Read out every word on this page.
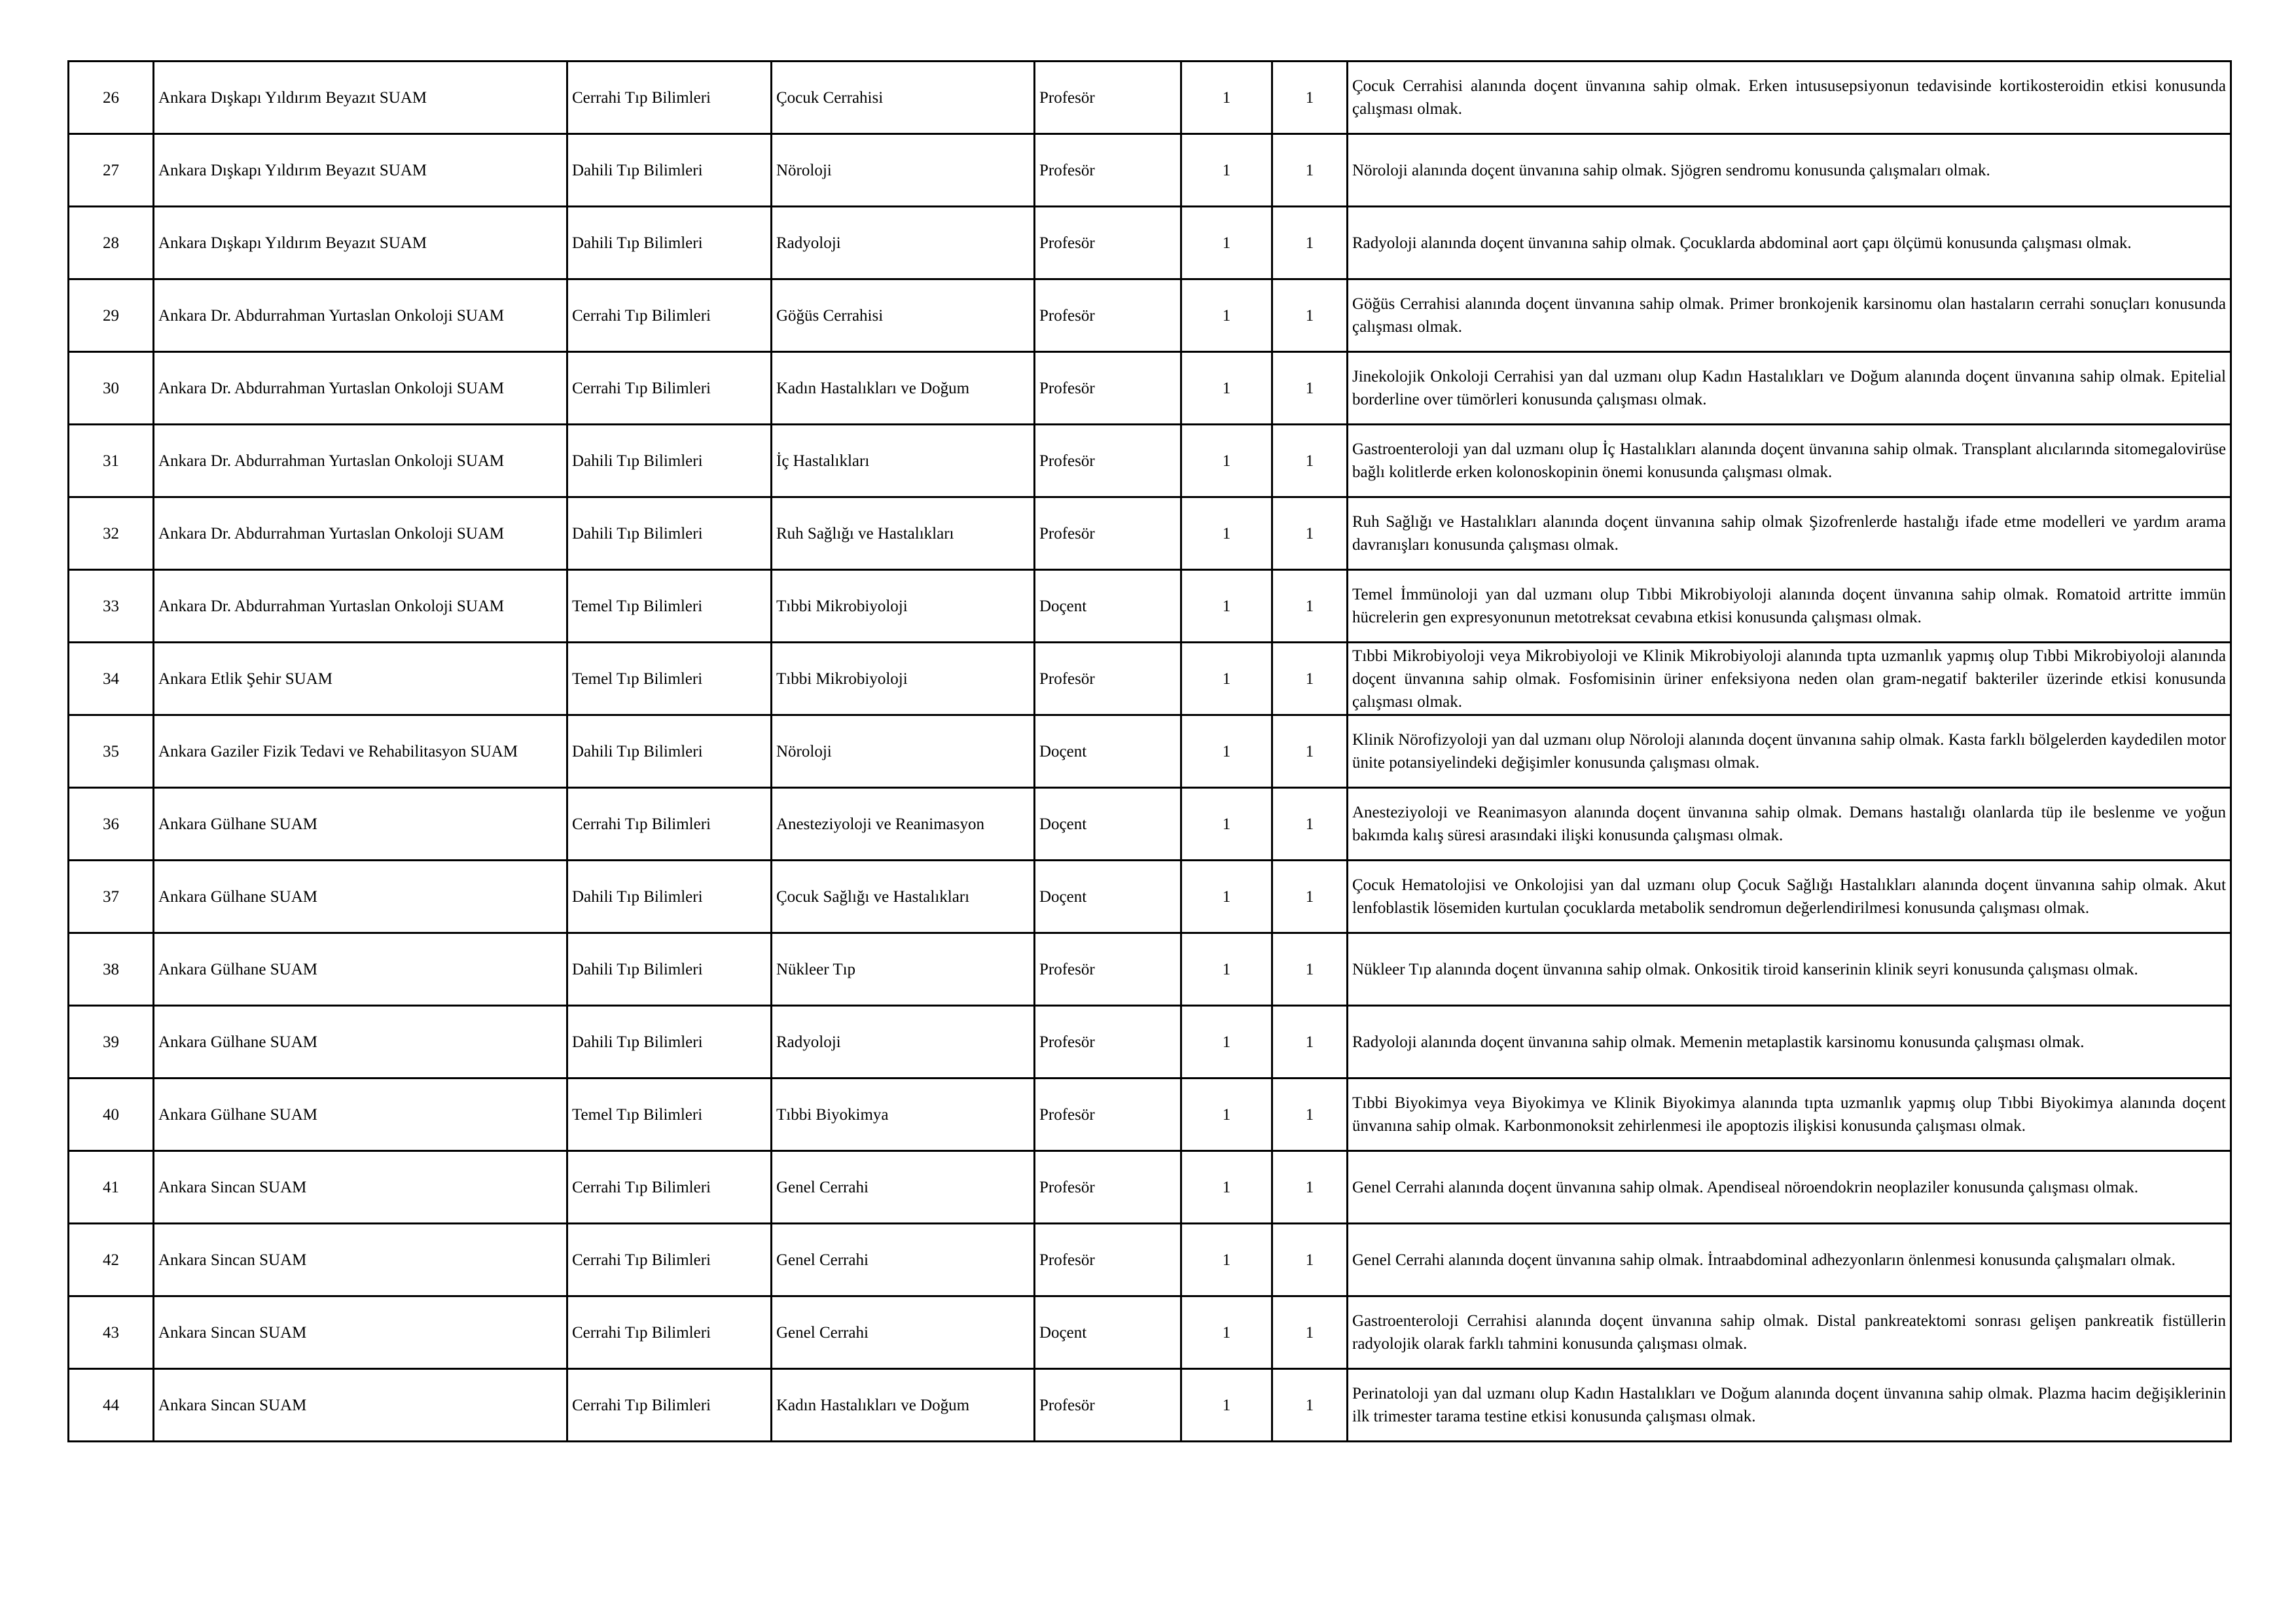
26	Ankara Dışkapı Yıldırım Beyazıt SUAM	Cerrahi Tıp Bilimleri	Çocuk Cerrahisi	Profesör	1	1	Çocuk Cerrahisi alanında doçent ünvanına sahip olmak. Erken intususepsiyonun tedavisinde kortikosteroidin etkisi konusunda çalışması olmak.
27	Ankara Dışkapı Yıldırım Beyazıt SUAM	Dahili Tıp Bilimleri	Nöroloji	Profesör	1	1	Nöroloji alanında doçent ünvanına sahip olmak. Sjögren sendromu konusunda çalışmaları olmak.
28	Ankara Dışkapı Yıldırım Beyazıt SUAM	Dahili Tıp Bilimleri	Radyoloji	Profesör	1	1	Radyoloji alanında doçent ünvanına sahip olmak. Çocuklarda abdominal aort çapı ölçümü konusunda çalışması olmak.
29	Ankara Dr. Abdurrahman Yurtaslan Onkoloji SUAM	Cerrahi Tıp Bilimleri	Göğüs Cerrahisi	Profesör	1	1	Göğüs Cerrahisi alanında doçent ünvanına sahip olmak. Primer bronkojenik karsinomu olan hastaların cerrahi sonuçları konusunda çalışması olmak.
30	Ankara Dr. Abdurrahman Yurtaslan Onkoloji SUAM	Cerrahi Tıp Bilimleri	Kadın Hastalıkları ve Doğum	Profesör	1	1	Jinekolojik Onkoloji Cerrahisi yan dal uzmanı olup Kadın Hastalıkları ve Doğum alanında doçent ünvanına sahip olmak. Epitelial borderline over tümörleri konusunda çalışması olmak.
31	Ankara Dr. Abdurrahman Yurtaslan Onkoloji SUAM	Dahili Tıp Bilimleri	İç Hastalıkları	Profesör	1	1	Gastroenteroloji yan dal uzmanı olup İç Hastalıkları alanında doçent ünvanına sahip olmak. Transplant alıcılarında sitomegalovirüse bağlı kolitlerde erken kolonoskopinin önemi konusunda çalışması olmak.
32	Ankara Dr. Abdurrahman Yurtaslan Onkoloji SUAM	Dahili Tıp Bilimleri	Ruh Sağlığı ve Hastalıkları	Profesör	1	1	Ruh Sağlığı ve Hastalıkları alanında doçent ünvanına sahip olmak Şizofrenlerde hastalığı ifade etme modelleri ve yardım arama davranışları konusunda çalışması olmak.
33	Ankara Dr. Abdurrahman Yurtaslan Onkoloji SUAM	Temel Tıp Bilimleri	Tıbbi Mikrobiyoloji	Doçent	1	1	Temel İmmünoloji yan dal uzmanı olup Tıbbi Mikrobiyoloji alanında doçent ünvanına sahip olmak. Romatoid artritte immün hücrelerin gen expresyonunun metotreksat cevabına etkisi konusunda çalışması olmak.
34	Ankara Etlik Şehir SUAM	Temel Tıp Bilimleri	Tıbbi Mikrobiyoloji	Profesör	1	1	Tıbbi Mikrobiyoloji veya Mikrobiyoloji ve Klinik Mikrobiyoloji alanında tıpta uzmanlık yapmış olup Tıbbi Mikrobiyoloji alanında doçent ünvanına sahip olmak. Fosfomisinin üriner enfeksiyona neden olan gram-negatif bakteriler üzerinde etkisi konusunda çalışması olmak.
35	Ankara Gaziler Fizik Tedavi ve Rehabilitasyon SUAM	Dahili Tıp Bilimleri	Nöroloji	Doçent	1	1	Klinik Nörofizyoloji yan dal uzmanı olup Nöroloji alanında doçent ünvanına sahip olmak. Kasta farklı bölgelerden kaydedilen motor ünite potansiyelindeki değişimler konusunda çalışması olmak.
36	Ankara Gülhane SUAM	Cerrahi Tıp Bilimleri	Anesteziyoloji ve Reanimasyon	Doçent	1	1	Anesteziyoloji ve Reanimasyon alanında doçent ünvanına sahip olmak. Demans hastalığı olanlarda tüp ile beslenme ve yoğun bakımda kalış süresi arasındaki ilişki konusunda çalışması olmak.
37	Ankara Gülhane SUAM	Dahili Tıp Bilimleri	Çocuk Sağlığı ve Hastalıkları	Doçent	1	1	Çocuk Hematolojisi ve Onkolojisi yan dal uzmanı olup Çocuk Sağlığı Hastalıkları alanında doçent ünvanına sahip olmak. Akut lenfoblastik lösemiden kurtulan çocuklarda metabolik sendromun değerlendirilmesi konusunda çalışması olmak.
38	Ankara Gülhane SUAM	Dahili Tıp Bilimleri	Nükleer Tıp	Profesör	1	1	Nükleer Tıp alanında doçent ünvanına sahip olmak. Onkositik tiroid kanserinin klinik seyri konusunda çalışması olmak.
39	Ankara Gülhane SUAM	Dahili Tıp Bilimleri	Radyoloji	Profesör	1	1	Radyoloji alanında doçent ünvanına sahip olmak. Memenin metaplastik karsinomu konusunda çalışması olmak.
40	Ankara Gülhane SUAM	Temel Tıp Bilimleri	Tıbbi Biyokimya	Profesör	1	1	Tıbbi Biyokimya veya Biyokimya ve Klinik Biyokimya alanında tıpta uzmanlık yapmış olup Tıbbi Biyokimya alanında doçent ünvanına sahip olmak. Karbonmonoksit zehirlenmesi ile apoptozis ilişkisi konusunda çalışması olmak.
41	Ankara Sincan SUAM	Cerrahi Tıp Bilimleri	Genel Cerrahi	Profesör	1	1	Genel Cerrahi alanında doçent ünvanına sahip olmak. Apendiseal nöroendokrin neoplaziler konusunda çalışması olmak.
42	Ankara Sincan SUAM	Cerrahi Tıp Bilimleri	Genel Cerrahi	Profesör	1	1	Genel Cerrahi alanında doçent ünvanına sahip olmak. İntraabdominal adhezyonların önlenmesi konusunda çalışmaları olmak.
43	Ankara Sincan SUAM	Cerrahi Tıp Bilimleri	Genel Cerrahi	Doçent	1	1	Gastroenteroloji Cerrahisi alanında doçent ünvanına sahip olmak. Distal pankreatektomi sonrası gelişen pankreatik fistüllerin radyolojik olarak farklı tahmini konusunda çalışması olmak.
44	Ankara Sincan SUAM	Cerrahi Tıp Bilimleri	Kadın Hastalıkları ve Doğum	Profesör	1	1	Perinatoloji yan dal uzmanı olup Kadın Hastalıkları ve Doğum alanında doçent ünvanına sahip olmak. Plazma hacim değişiklerinin ilk trimester tarama testine etkisi konusunda çalışması olmak.
